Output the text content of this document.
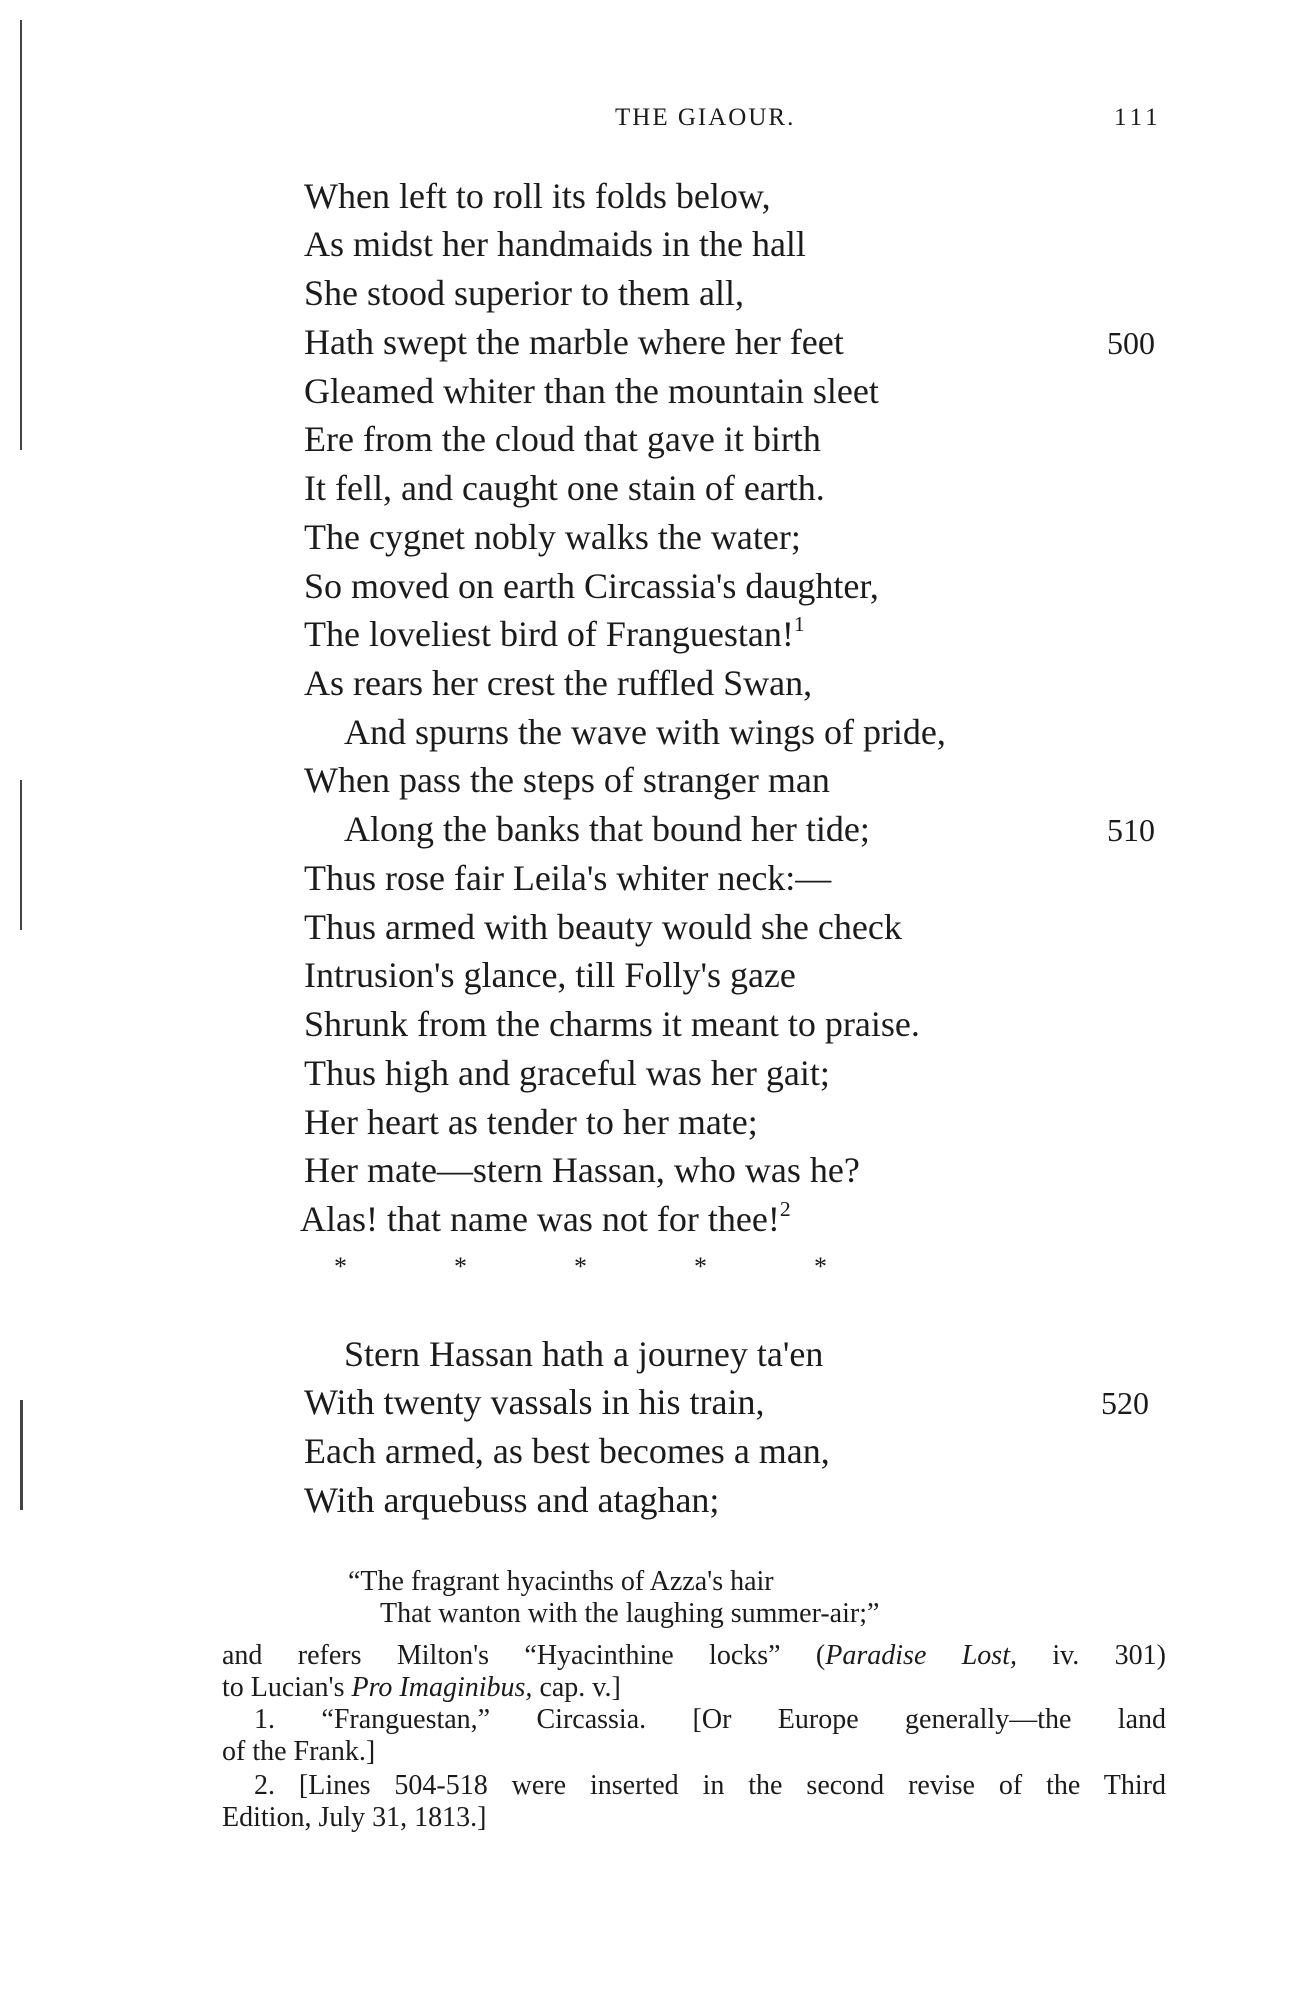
THE GIAOUR.	111
When left to roll its folds below,
As midst her handmaids in the hall
She stood superior to them all,
Hath swept the marble where her feet
Gleamed whiter than the mountain sleet
Ere from the cloud that gave it birth
It fell, and caught one stain of earth.
The cygnet nobly walks the water;
So moved on earth Circassia's daughter,
The loveliest bird of Franguestan!$^1$
As rears her crest the ruffled Swan,
And spurns the wave with wings of pride,
When pass the steps of stranger man
Along the banks that bound her tide;
Thus rose fair Leila's whiter neck:—
Thus armed with beauty would she check
Intrusion's glance, till Folly's gaze
Shrunk from the charms it meant to praise.
Thus high and graceful was her gait;
Her heart as tender to her mate;
Her mate—stern Hassan, who was he?
Alas! that name was not for thee!$^2$
500
510
520
*	*	*	*	*
Stern Hassan hath a journey ta'en
With twenty vassals in his train,
Each armed, as best becomes a man,
With arquebuss and ataghan;
“The fragrant hyacinths of Azza's hair
That wanton with the laughing summer-air;”
and refers Milton's “Hyacinthine locks” (Paradise Lost, iv. 301)
to Lucian's Pro Imaginibus, cap. v.]
1. “Franguestan,” Circassia. [Or Europe generally—the land
of the Frank.]
2. [Lines 504-518 were inserted in the second revise of the Third
Edition, July 31, 1813.]
